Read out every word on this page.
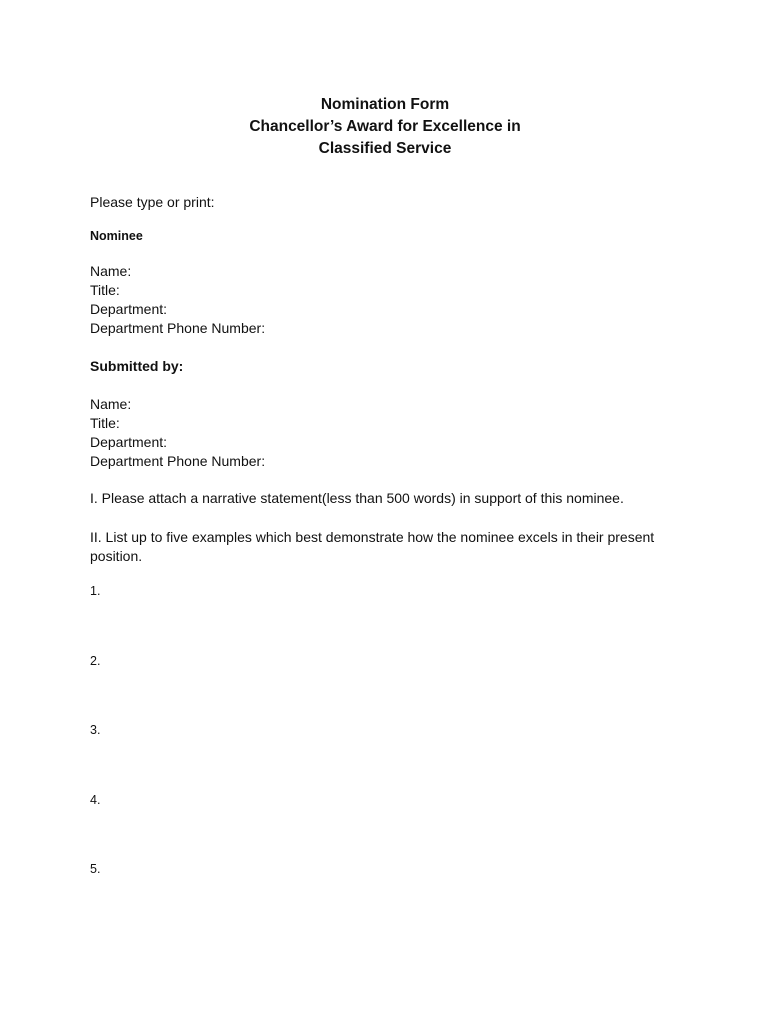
Nomination Form
Chancellor’s Award for Excellence in
Classified Service
Please type or print:
Nominee
Name:
Title:
Department:
Department Phone Number:
Submitted by:
Name:
Title:
Department:
Department Phone Number:
I. Please attach a narrative statement(less than 500 words) in support of this nominee.
II. List up to five examples which best demonstrate how the nominee excels in their present position.
1.
2.
3.
4.
5.
